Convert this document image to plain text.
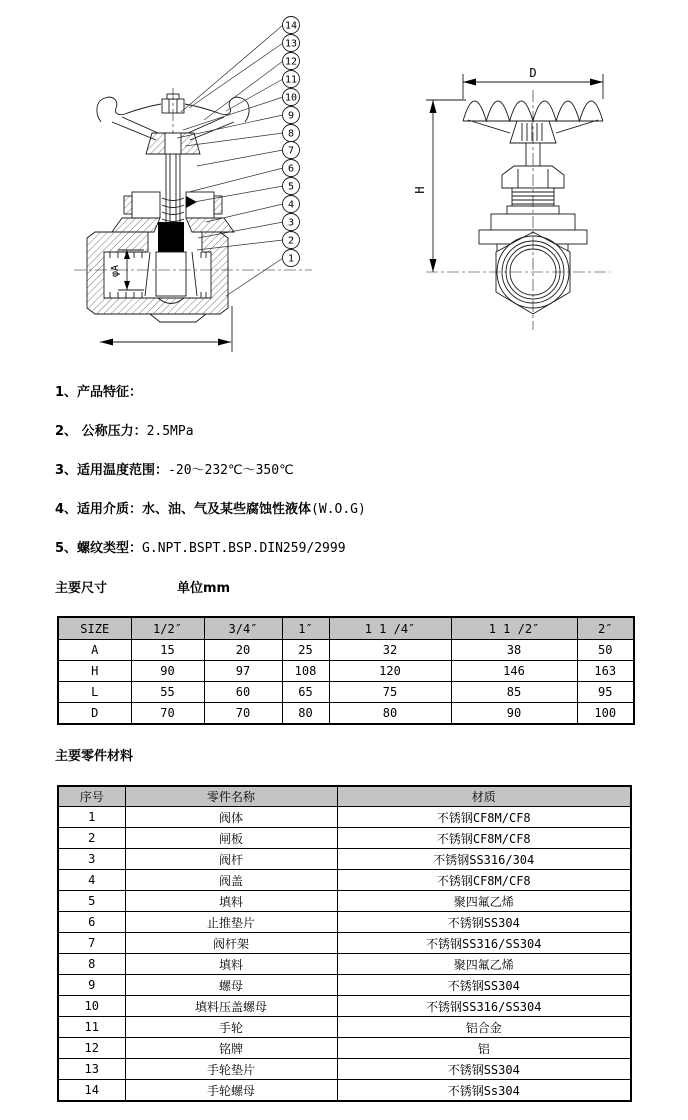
14
13
12
11
10
9
8
7
6
5
4
3
2
1
D
H
φA
1、产品特征：
2、 公称压力：2.5MPa
3、适用温度范围：-20～232℃～350℃
4、适用介质：水、油、气及某些腐蚀性液体(W.O.G)
5、螺纹类型：G.NPT.BSPT.BSP.DIN259/2999
主要尺寸	单位mm
SIZE	1/2″	3/4″	1″	1 1 /4″	1 1 /2″	2″
A	15	20	25	32	38	50
H	90	97	108	120	146	163
L	55	60	65	75	85	95
D	70	70	80	80	90	100
主要零件材料
序号	零件名称	材质
1	阀体	不锈钢CF8M/CF8
2	闸板	不锈钢CF8M/CF8
3	阀杆	不锈钢SS316/304
4	阀盖	不锈钢CF8M/CF8
5	填料	聚四氟乙烯
6	止推垫片	不锈钢SS304
7	阀杆架	不锈钢SS316/SS304
8	填料	聚四氟乙烯
9	螺母	不锈钢SS304
10	填料压盖螺母	不锈钢SS316/SS304
11	手轮	铝合金
12	铭牌	铝
13	手轮垫片	不锈钢SS304
14	手轮螺母	不锈钢Ss304
